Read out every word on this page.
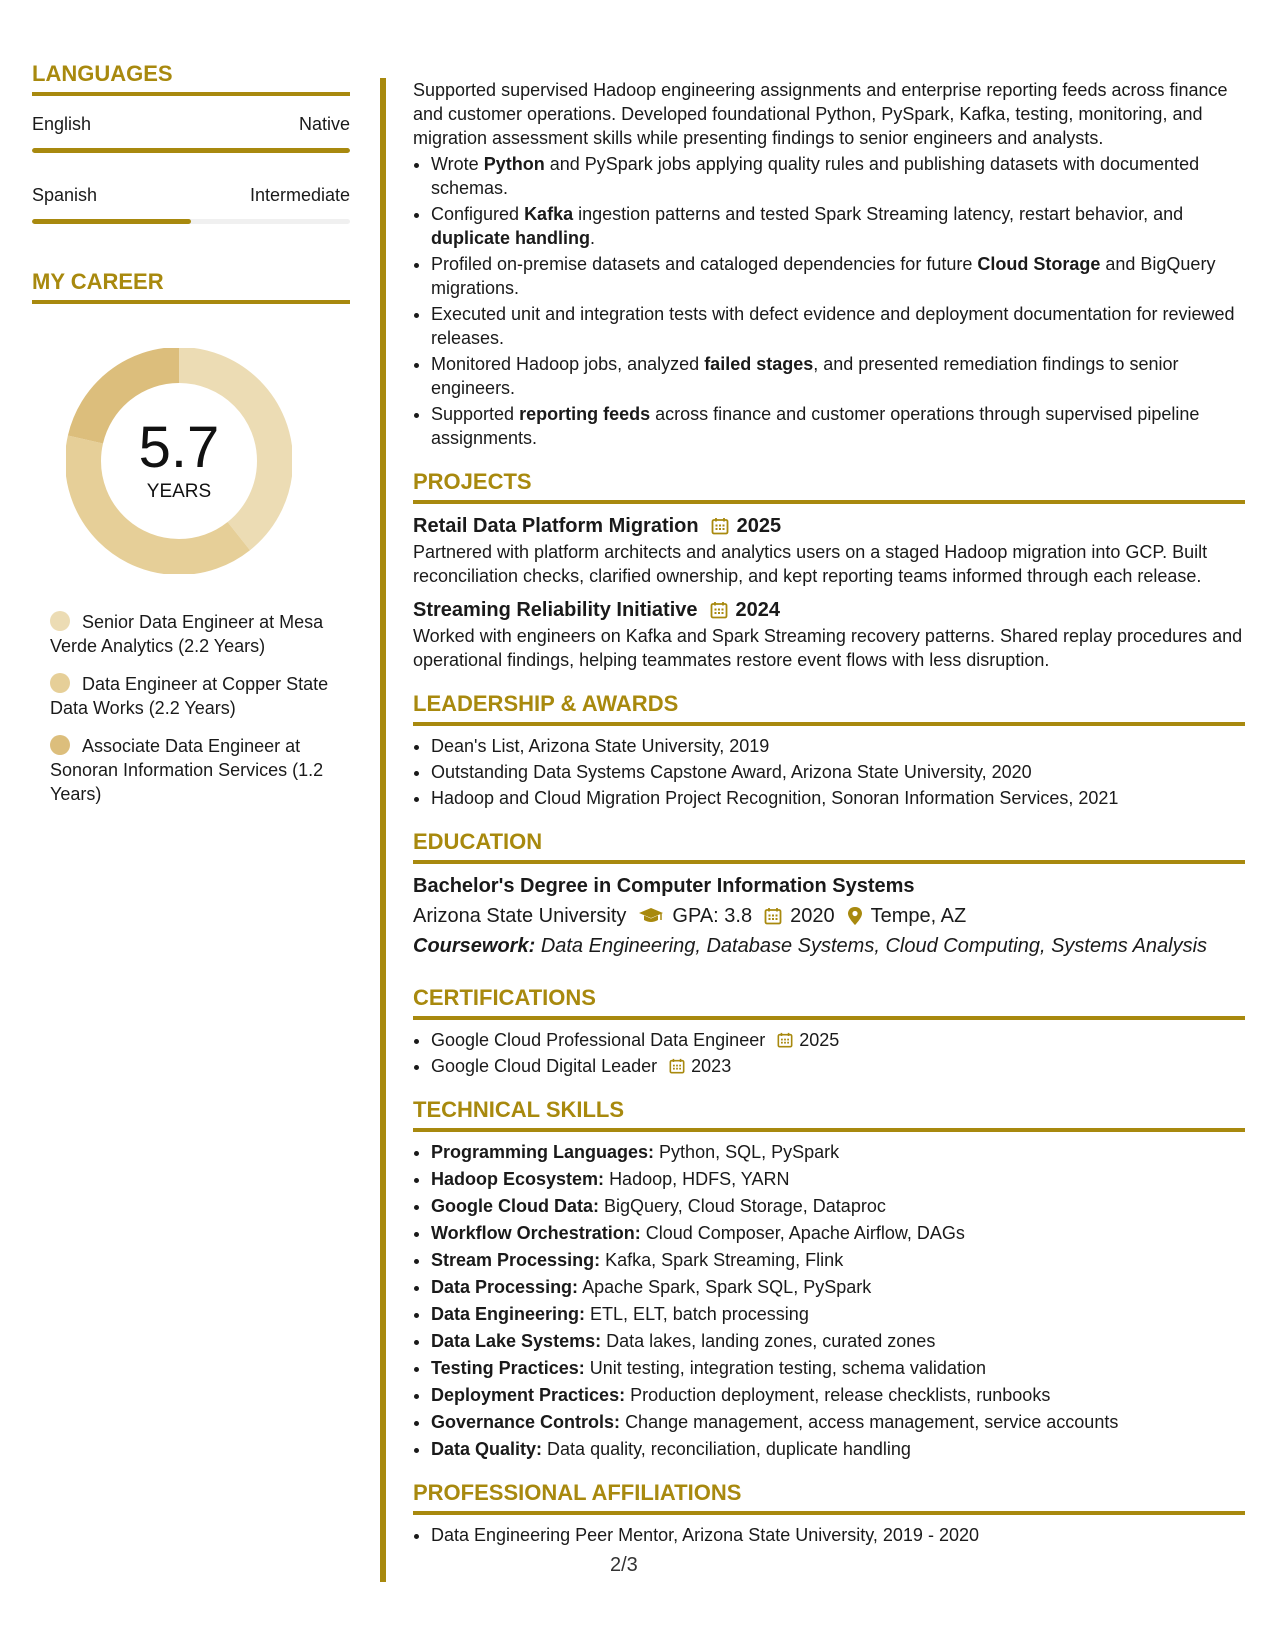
LANGUAGES
English	Native
Spanish	Intermediate
MY CAREER
5.7
YEARS
Senior Data Engineer at Mesa Verde Analytics (2.2 Years)
Data Engineer at Copper State Data Works (2.2 Years)
Associate Data Engineer at Sonoran Information Services (1.2 Years)

Supported supervised Hadoop engineering assignments and enterprise reporting feeds across finance and customer operations. Developed foundational Python, PySpark, Kafka, testing, monitoring, and migration assessment skills while presenting findings to senior engineers and analysts.

• Wrote Python and PySpark jobs applying quality rules and publishing datasets with documented schemas.
• Configured Kafka ingestion patterns and tested Spark Streaming latency, restart behavior, and duplicate handling.
• Profiled on-premise datasets and cataloged dependencies for future Cloud Storage and BigQuery migrations.
• Executed unit and integration tests with defect evidence and deployment documentation for reviewed releases.
• Monitored Hadoop jobs, analyzed failed stages, and presented remediation findings to senior engineers.
• Supported reporting feeds across finance and customer operations through supervised pipeline assignments.
PROJECTS
Retail Data Platform Migration 2025

Partnered with platform architects and analytics users on a staged Hadoop migration into GCP. Built reconciliation checks, clarified ownership, and kept reporting teams informed through each release.

Streaming Reliability Initiative 2024

Worked with engineers on Kafka and Spark Streaming recovery patterns. Shared replay procedures and operational findings, helping teammates restore event flows with less disruption.

LEADERSHIP & AWARDS
• Dean's List, Arizona State University, 2019
• Outstanding Data Systems Capstone Award, Arizona State University, 2020
• Hadoop and Cloud Migration Project Recognition, Sonoran Information Services, 2021
EDUCATION
Bachelor's Degree in Computer Information Systems
Arizona State University GPA: 3.8 2020 Tempe, AZ
Coursework: Data Engineering, Database Systems, Cloud Computing, Systems Analysis
CERTIFICATIONS
• Google Cloud Professional Data Engineer 2025
• Google Cloud Digital Leader 2023
TECHNICAL SKILLS
• Programming Languages: Python, SQL, PySpark
• Hadoop Ecosystem: Hadoop, HDFS, YARN
• Google Cloud Data: BigQuery, Cloud Storage, Dataproc
• Workflow Orchestration: Cloud Composer, Apache Airflow, DAGs
• Stream Processing: Kafka, Spark Streaming, Flink
• Data Processing: Apache Spark, Spark SQL, PySpark
• Data Engineering: ETL, ELT, batch processing
• Data Lake Systems: Data lakes, landing zones, curated zones
• Testing Practices: Unit testing, integration testing, schema validation
• Deployment Practices: Production deployment, release checklists, runbooks
• Governance Controls: Change management, access management, service accounts
• Data Quality: Data quality, reconciliation, duplicate handling
PROFESSIONAL AFFILIATIONS
• Data Engineering Peer Mentor, Arizona State University, 2019 - 2020
2/3
